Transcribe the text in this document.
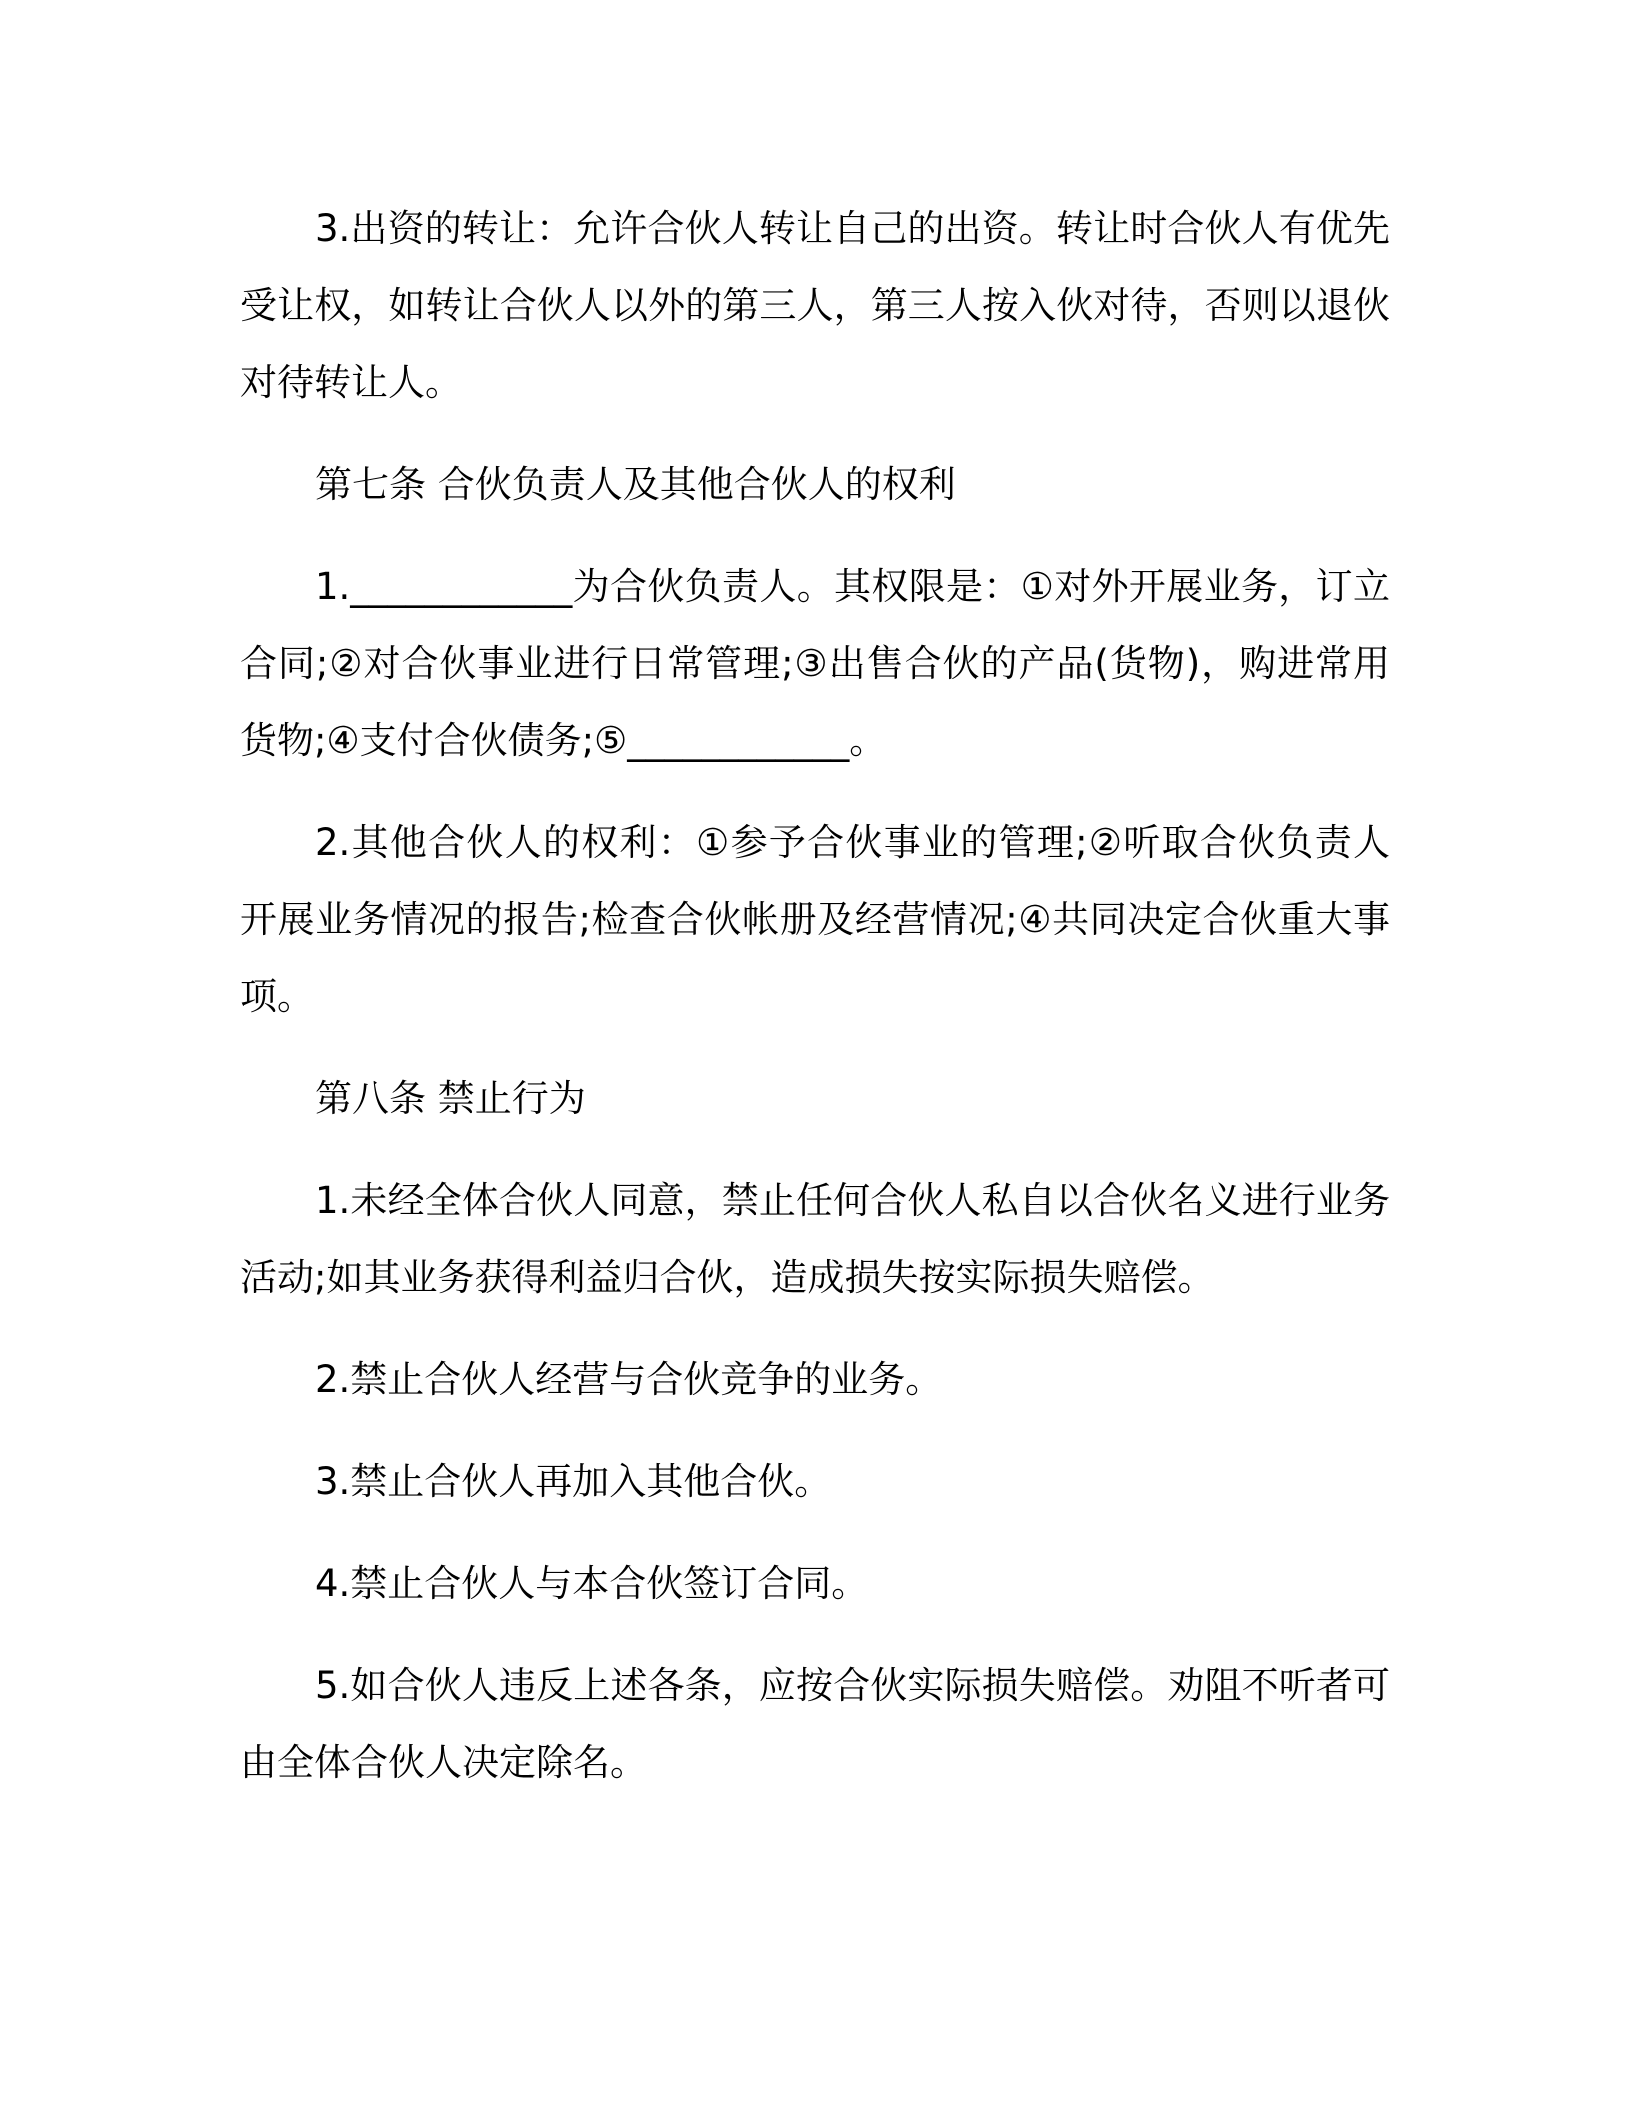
3.出资的转让：允许合伙人转让自己的出资。转让时合伙人有优先受让权，如转让合伙人以外的第三人，第三人按入伙对待，否则以退伙对待转让人。

第七条 合伙负责人及其他合伙人的权利

1.____________为合伙负责人。其权限是：①对外开展业务，订立合同;②对合伙事业进行日常管理;③出售合伙的产品(货物)，购进常用货物;④支付合伙债务;⑤____________。

2.其他合伙人的权利：①参予合伙事业的管理;②听取合伙负责人开展业务情况的报告;检查合伙帐册及经营情况;④共同决定合伙重大事项。

第八条 禁止行为

1.未经全体合伙人同意，禁止任何合伙人私自以合伙名义进行业务活动;如其业务获得利益归合伙，造成损失按实际损失赔偿。

2.禁止合伙人经营与合伙竞争的业务。

3.禁止合伙人再加入其他合伙。

4.禁止合伙人与本合伙签订合同。

5.如合伙人违反上述各条，应按合伙实际损失赔偿。劝阻不听者可由全体合伙人决定除名。
